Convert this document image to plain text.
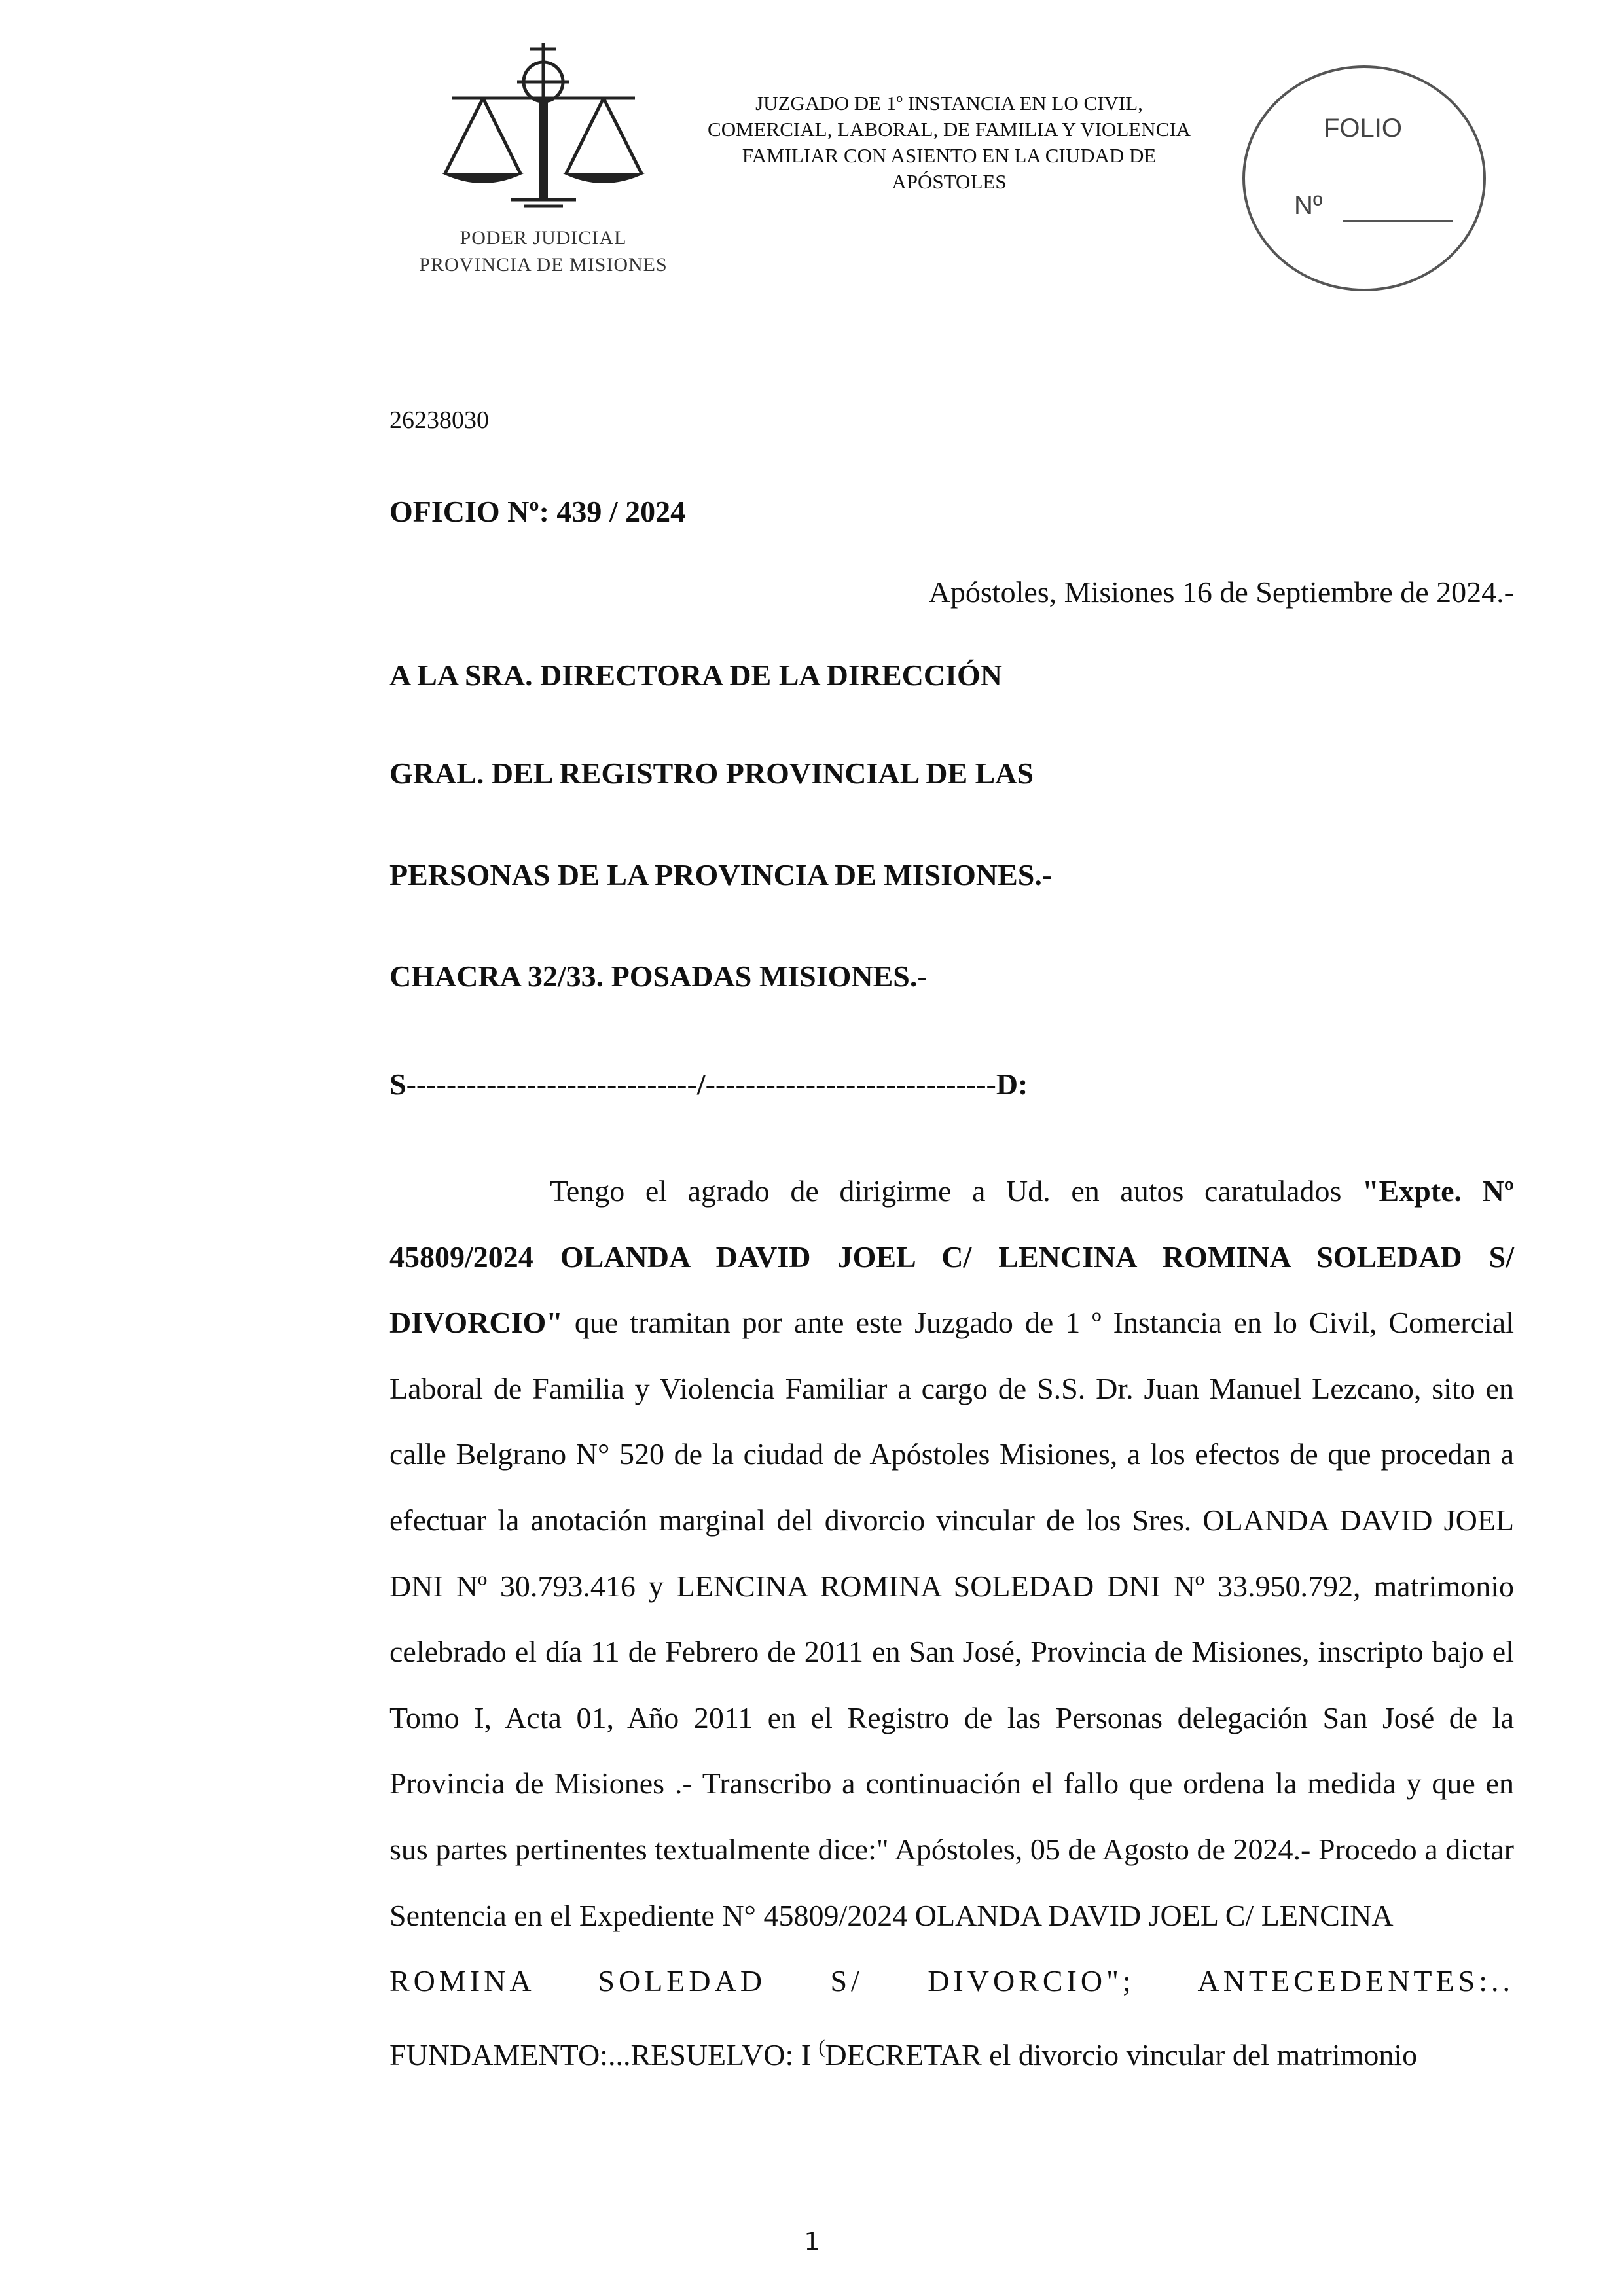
PODER JUDICIAL
PROVINCIA DE MISIONES
JUZGADO DE 1º INSTANCIA EN LO CIVIL,
COMERCIAL, LABORAL, DE FAMILIA Y VIOLENCIA
FAMILIAR CON ASIENTO EN LA CIUDAD DE
APÓSTOLES
FOLIO
Nº
26238030
OFICIO Nº: 439 / 2024
Apóstoles, Misiones 16 de Septiembre de 2024.-
A LA SRA. DIRECTORA DE LA DIRECCIÓN
GRAL. DEL REGISTRO PROVINCIAL DE LAS
PERSONAS DE LA PROVINCIA DE MISIONES.-
CHACRA 32/33. POSADAS MISIONES.-
S-----------------------------/-----------------------------D:

Tengo el agrado de dirigirme a Ud. en autos caratulados "Expte. Nº 45809/2024 OLANDA DAVID JOEL C/ LENCINA ROMINA SOLEDAD S/ DIVORCIO" que tramitan por ante este Juzgado de 1 º Instancia en lo Civil, Comercial Laboral de Familia y Violencia Familiar a cargo de S.S. Dr. Juan Manuel Lezcano, sito en calle Belgrano N° 520 de la ciudad de Apóstoles Misiones, a los efectos de que procedan a efectuar la anotación marginal del divorcio vincular de los Sres. OLANDA DAVID JOEL DNI Nº 30.793.416 y LENCINA ROMINA SOLEDAD DNI Nº 33.950.792, matrimonio celebrado el día 11 de Febrero de 2011 en San José, Provincia de Misiones, inscripto bajo el Tomo I, Acta 01, Año 2011 en el Registro de las Personas delegación San José de la Provincia de Misiones .- Transcribo a continuación el fallo que ordena la medida y que en sus partes pertinentes textualmente dice:" Apóstoles, 05 de Agosto de 2024.- Procedo a dictar Sentencia en el Expediente N° 45809/2024 OLANDA DAVID JOEL C/ LENCINA
ROMINA SOLEDAD S/ DIVORCIO"; ANTECEDENTES:..
FUNDAMENTO:...RESUELVO: I (DECRETAR el divorcio vincular del matrimonio

1
